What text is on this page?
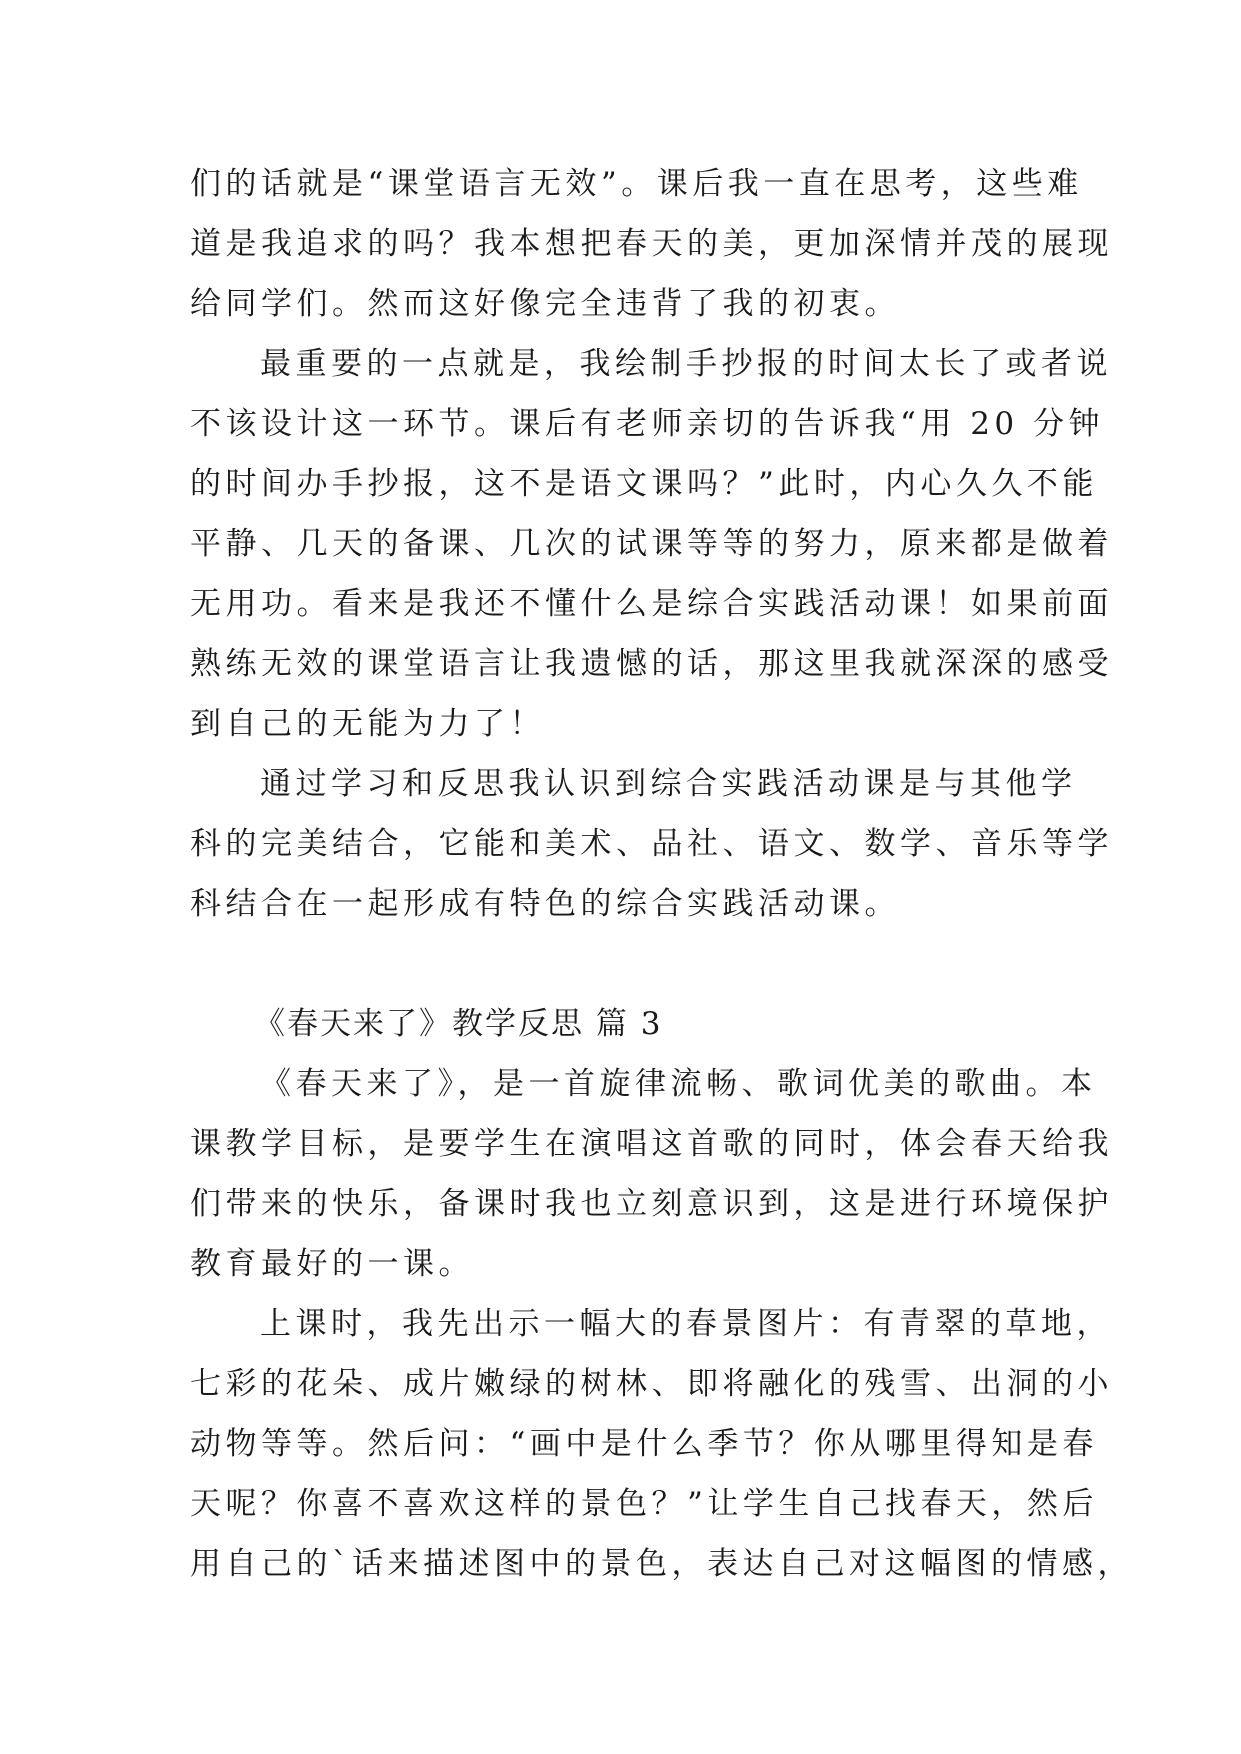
们的话就是“课堂语言无效”。课后我一直在思考，这些难
道是我追求的吗？我本想把春天的美，更加深情并茂的展现
给同学们。然而这好像完全违背了我的初衷。
最重要的一点就是，我绘制手抄报的时间太长了或者说
不该设计这一环节。课后有老师亲切的告诉我“用 20 分钟
的时间办手抄报，这不是语文课吗？”此时，内心久久不能
平静、几天的备课、几次的试课等等的努力，原来都是做着
无用功。看来是我还不懂什么是综合实践活动课！如果前面
熟练无效的课堂语言让我遗憾的话，那这里我就深深的感受
到自己的无能为力了！
通过学习和反思我认识到综合实践活动课是与其他学
科的完美结合，它能和美术、品社、语文、数学、音乐等学
科结合在一起形成有特色的综合实践活动课。
《春天来了》教学反思 篇 3
《春天来了》，是一首旋律流畅、歌词优美的歌曲。本
课教学目标，是要学生在演唱这首歌的同时，体会春天给我
们带来的快乐，备课时我也立刻意识到，这是进行环境保护
教育最好的一课。
上课时，我先出示一幅大的春景图片：有青翠的草地，
七彩的花朵、成片嫩绿的树林、即将融化的残雪、出洞的小
动物等等。然后问：“画中是什么季节？你从哪里得知是春
天呢？你喜不喜欢这样的景色？”让学生自己找春天，然后
用自己的`话来描述图中的景色，表达自己对这幅图的情感，
